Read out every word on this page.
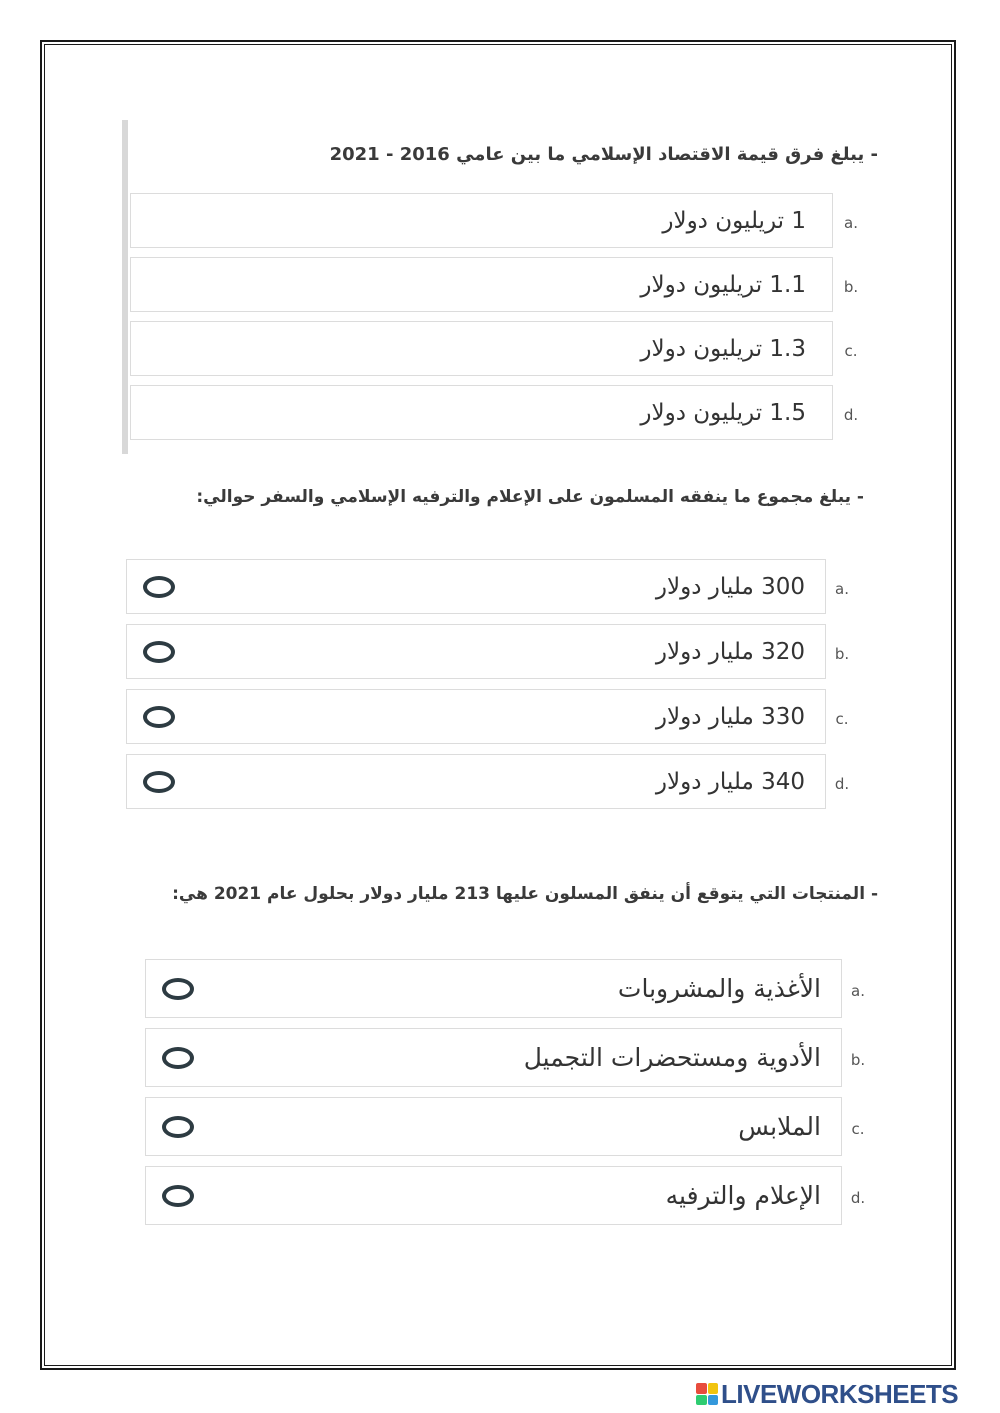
- يبلغ فرق قيمة الاقتصاد الإسلامي ما بين عامي 2016 - 2021
1 تريليون دولار	a.
1.1 تريليون دولار	b.
1.3 تريليون دولار	c.
1.5 تريليون دولار	d.
- يبلغ مجموع ما ينفقه المسلمون على الإعلام والترفيه الإسلامي والسفر حوالي:
300 مليار دولار a.
320 مليار دولار b.
330 مليار دولار c.
340 مليار دولار d.
- المنتجات التي يتوقع أن ينفق المسلون عليها 213 مليار دولار بحلول عام 2021 هي:
الأغذية والمشروبات a.
الأدوية ومستحضرات التجميل b.
الملابس c.
الإعلام والترفيه d.
LIVEWORKSHEETS
